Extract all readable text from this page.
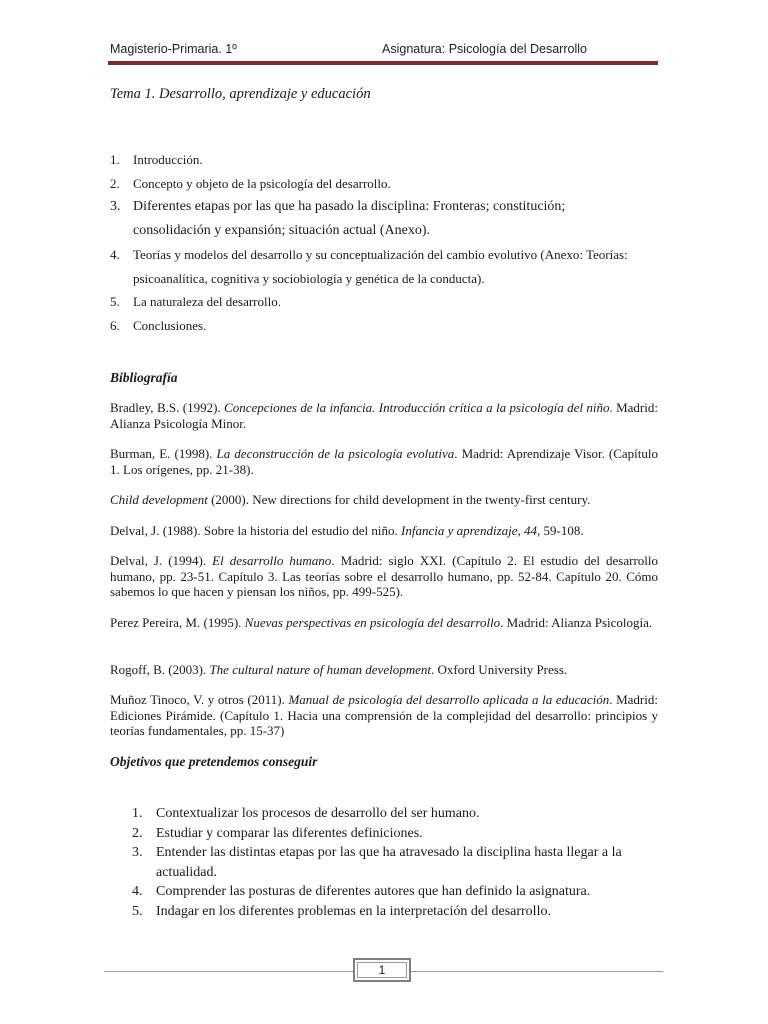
Magisterio-Primaria. 1º	Asignatura: Psicología del Desarrollo
Tema 1. Desarrollo, aprendizaje y educación
1. Introducción.
2. Concepto y objeto de la psicología del desarrollo.
3. Diferentes etapas por las que ha pasado la disciplina: Fronteras; constitución; consolidación y expansión; situación actual (Anexo).
4. Teorías y modelos del desarrollo y su conceptualización del cambio evolutivo (Anexo: Teorías: psicoanalítica, cognitiva y sociobiología y genética de la conducta).
5. La naturaleza del desarrollo.
6. Conclusiones.
Bibliografía
Bradley, B.S. (1992). Concepciones de la infancia. Introducción crítica a la psicología del niño. Madrid: Alianza Psicología Minor.
Burman, E. (1998). La deconstrucción de la psicología evolutiva. Madrid: Aprendizaje Visor. (Capítulo 1. Los orígenes, pp. 21-38).
Child development (2000). New directions for child development in the twenty-first century.
Delval, J. (1988). Sobre la historia del estudio del niño. Infancia y aprendizaje, 44, 59-108.
Delval, J. (1994). El desarrollo humano. Madrid: siglo XXI. (Capítulo 2. El estudio del desarrollo humano, pp. 23-51. Capítulo 3. Las teorías sobre el desarrollo humano, pp. 52-84. Capítulo 20. Cómo sabemos lo que hacen y piensan los niños, pp. 499-525).
Perez Pereira, M. (1995). Nuevas perspectivas en psicología del desarrollo. Madrid: Alianza Psicología.
Rogoff, B. (2003). The cultural nature of human development. Oxford University Press.
Muñoz Tinoco, V. y otros (2011). Manual de psicología del desarrollo aplicada a la educación. Madrid: Ediciones Pirámide. (Capítulo 1. Hacia una comprensión de la complejidad del desarrollo: principios y teorías fundamentales, pp. 15-37)
Objetivos que pretendemos conseguir
1. Contextualizar los procesos de desarrollo del ser humano.
2. Estudiar y comparar las diferentes definiciones.
3. Entender las distintas etapas por las que ha atravesado la disciplina hasta llegar a la actualidad.
4. Comprender las posturas de diferentes autores que han definido la asignatura.
5. Indagar en los diferentes problemas en la interpretación del desarrollo.
1
